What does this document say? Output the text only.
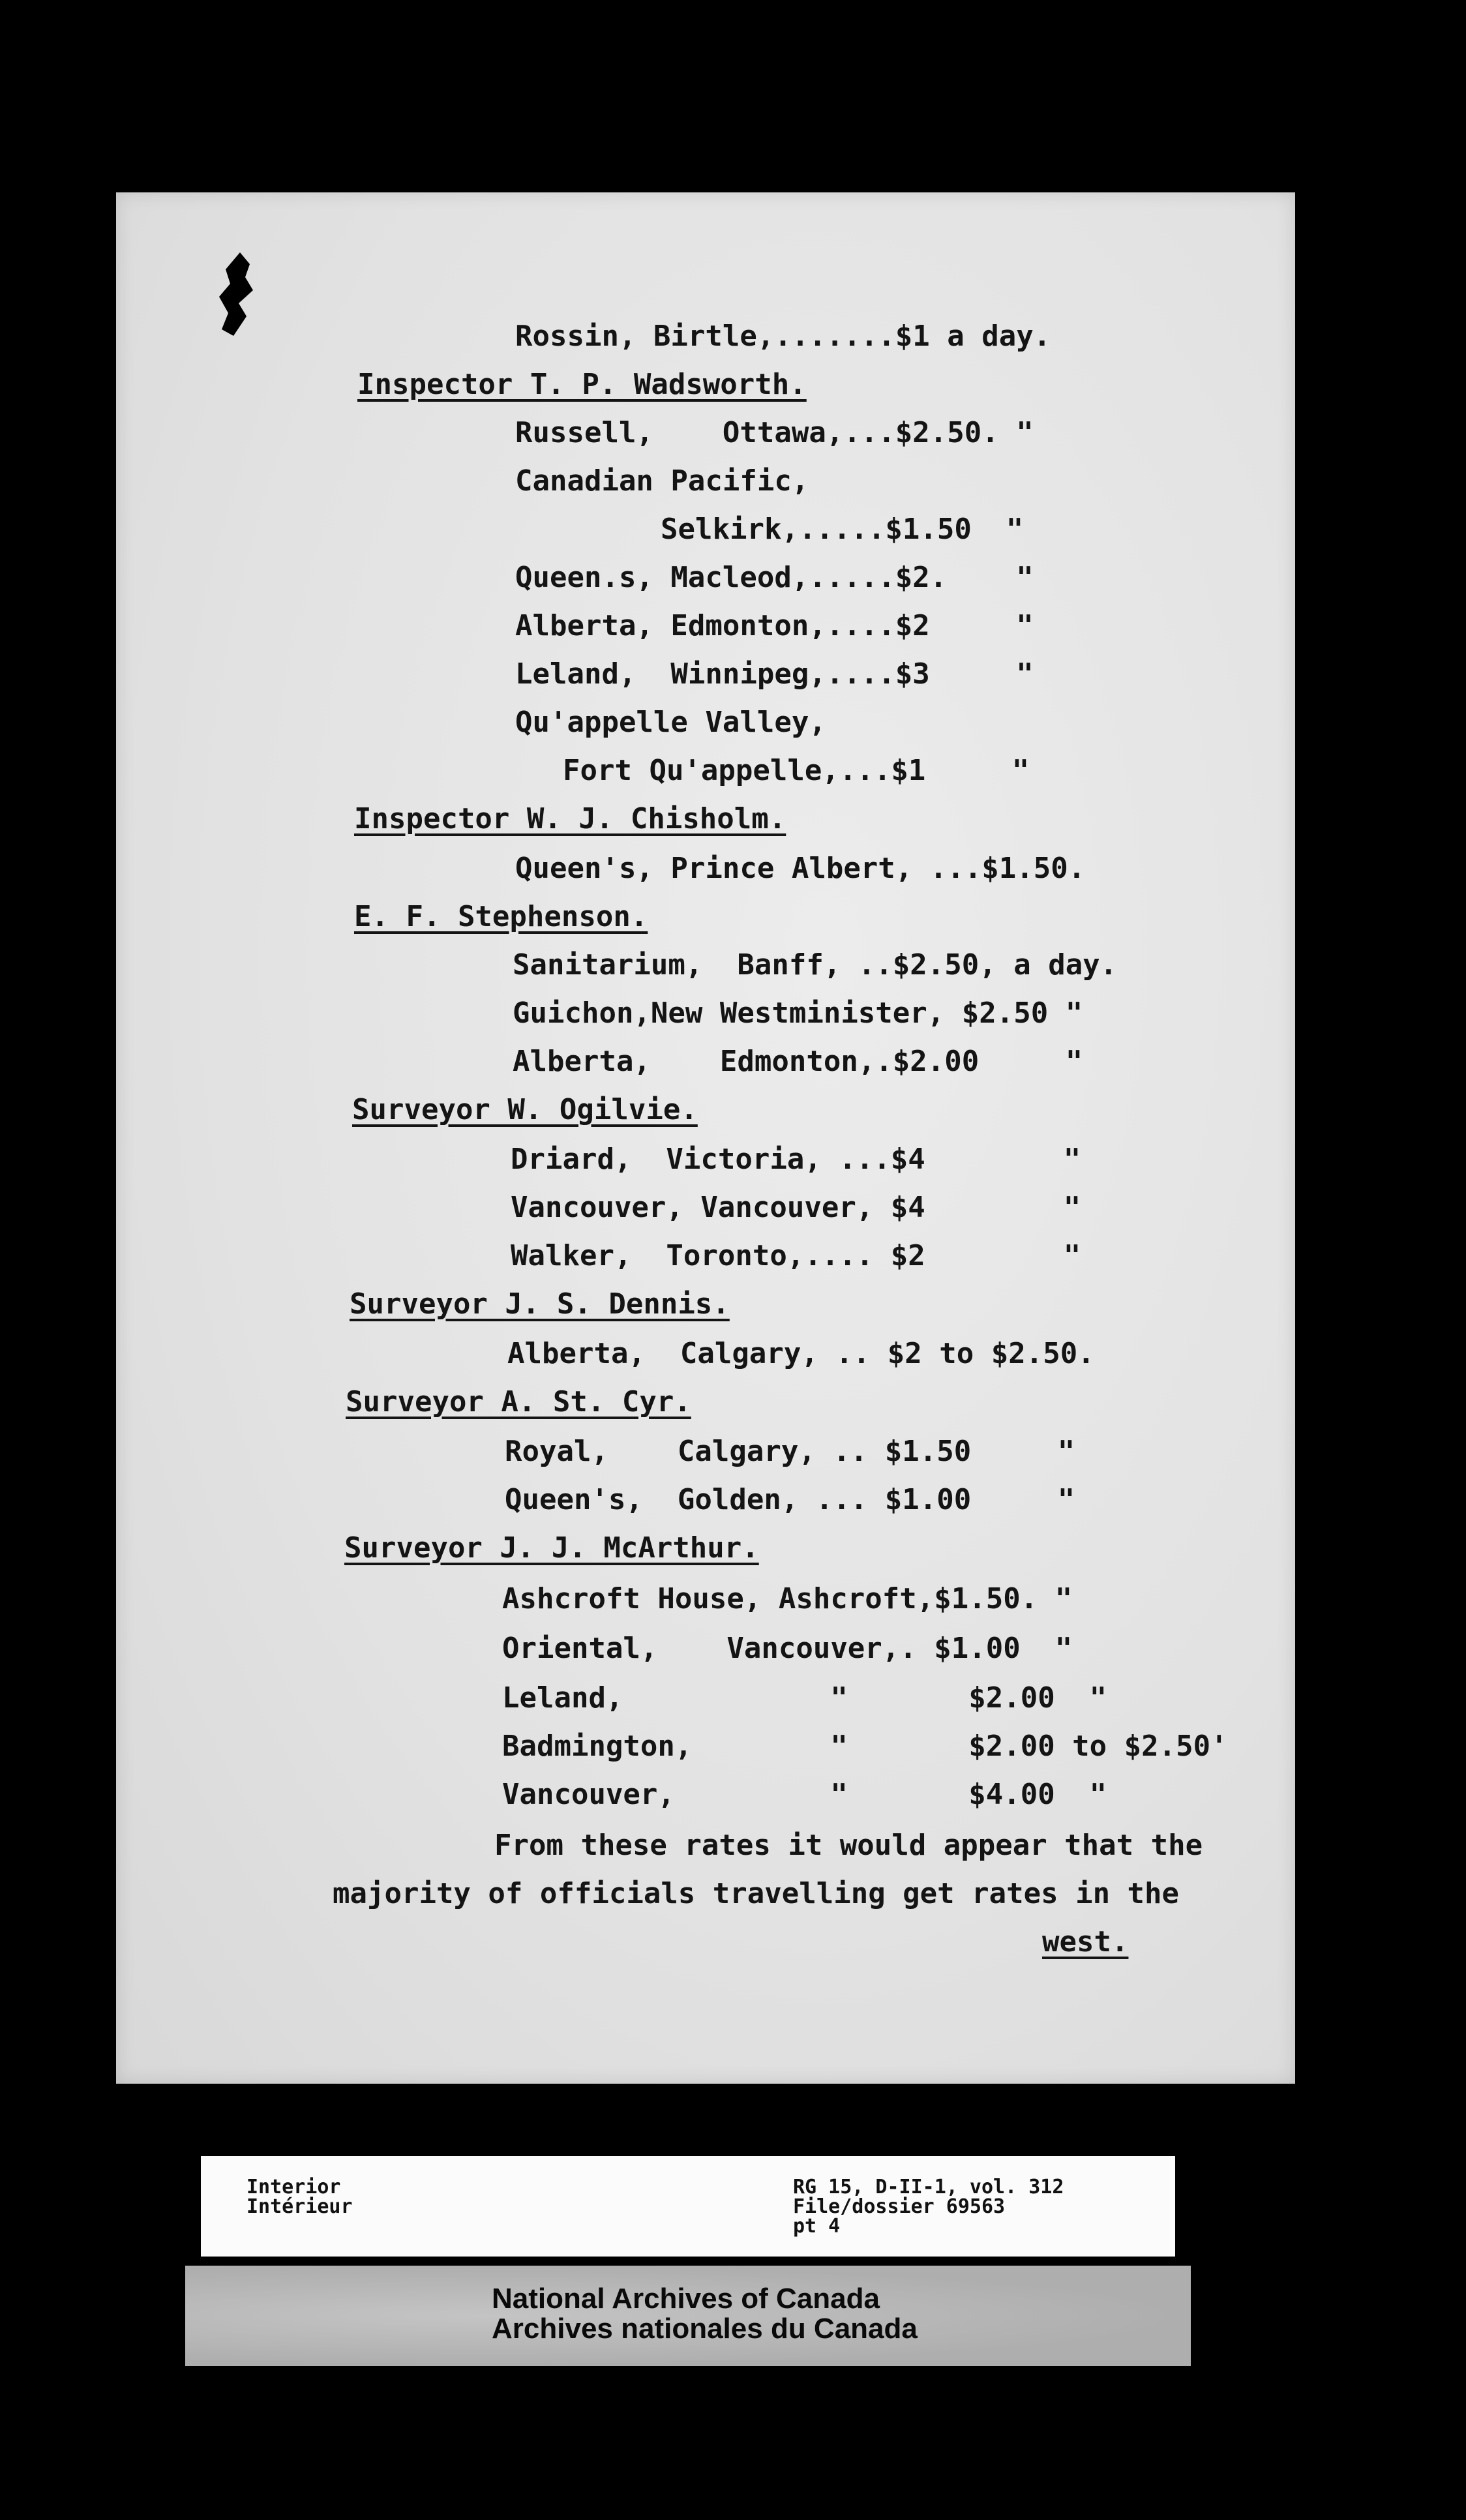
Rossin, Birtle,.......$1 a day.
Inspector T. P. Wadsworth.
Russell,    Ottawa,...$2.50. "
Canadian Pacific,
Selkirk,.....$1.50  "
Queen.s, Macleod,.....$2.    "
Alberta, Edmonton,....$2     "
Leland,  Winnipeg,....$3     "
Qu'appelle Valley,
Fort Qu'appelle,...$1     "
Inspector W. J. Chisholm.
Queen's, Prince Albert, ...$1.50.
E. F. Stephenson.
Sanitarium,  Banff, ..$2.50, a day.
Guichon,New Westminister, $2.50 "
Alberta,    Edmonton,.$2.00     "
Surveyor W. Ogilvie.
Driard,  Victoria, ...$4        "
Vancouver, Vancouver, $4        "
Walker,  Toronto,.... $2        "
Surveyor J. S. Dennis.
Alberta,  Calgary, .. $2 to $2.50.
Surveyor A. St. Cyr.
Royal,    Calgary, .. $1.50     "
Queen's,  Golden, ... $1.00     "
Surveyor J. J. McArthur.
Ashcroft House, Ashcroft,$1.50. "
Oriental,    Vancouver,. $1.00  "
Leland,            "       $2.00  "
Badmington,        "       $2.00 to $2.50'
Vancouver,         "       $4.00  "
From these rates it would appear that the
majority of officials travelling get rates in the
west.
Interior
Intérieur
RG 15, D-II-1, vol. 312
File/dossier 69563
pt 4
National Archives of Canada
Archives nationales du Canada
